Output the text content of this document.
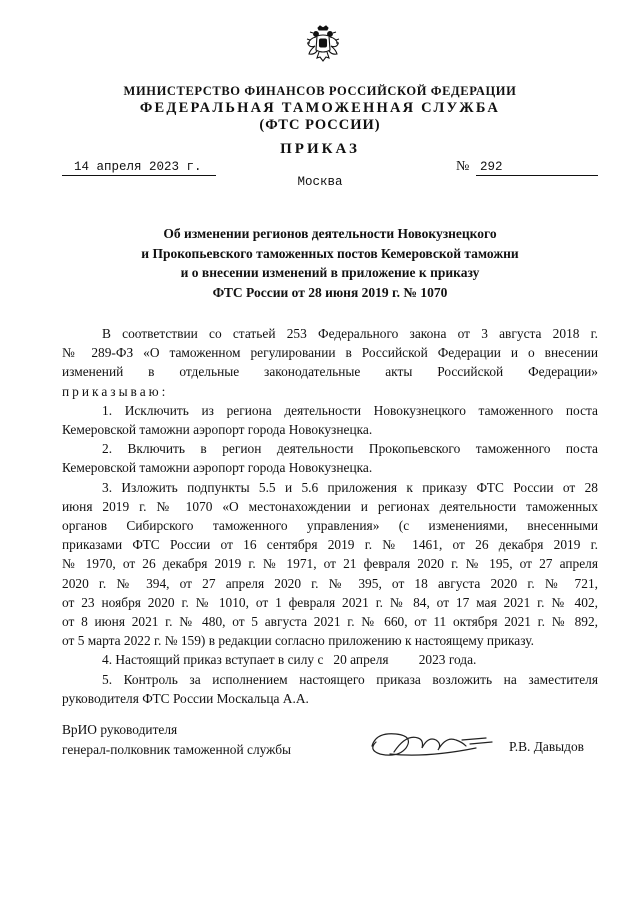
МИНИСТЕРСТВО ФИНАНСОВ РОССИЙСКОЙ ФЕДЕРАЦИИ
ФЕДЕРАЛЬНАЯ ТАМОЖЕННАЯ СЛУЖБА
(ФТС РОССИИ)
ПРИКАЗ
14 апреля 2023 г.	№ 292
Москва
Об изменении регионов деятельности Новокузнецкого
и Прокопьевского таможенных постов Кемеровской таможни
и о внесении изменений в приложение к приказу
ФТС России от 28 июня 2019 г. № 1070
В соответствии со статьей 253 Федерального закона от 3 августа 2018 г.
№ 289-ФЗ «О таможенном регулировании в Российской Федерации и о внесении
изменений в отдельные законодательные акты Российской Федерации»
приказываю:
1. Исключить из региона деятельности Новокузнецкого таможенного поста
Кемеровской таможни аэропорт города Новокузнецка.
2. Включить в регион деятельности Прокопьевского таможенного поста
Кемеровской таможни аэропорт города Новокузнецка.
3. Изложить подпункты 5.5 и 5.6 приложения к приказу ФТС России от 28
июня 2019 г. № 1070 «О местонахождении и регионах деятельности таможенных
органов Сибирского таможенного управления» (с изменениями, внесенными
приказами ФТС России от 16 сентября 2019 г. № 1461, от 26 декабря 2019 г.
№ 1970, от 26 декабря 2019 г. № 1971, от 21 февраля 2020 г. № 195, от 27 апреля
2020 г. № 394, от 27 апреля 2020 г. № 395, от 18 августа 2020 г. № 721,
от 23 ноября 2020 г. № 1010, от 1 февраля 2021 г. № 84, от 17 мая 2021 г. № 402,
от 8 июня 2021 г. № 480, от 5 августа 2021 г. № 660, от 11 октября 2021 г. № 892,
от 5 марта 2022 г. № 159) в редакции согласно приложению к настоящему приказу.
4. Настоящий приказ вступает в силу с   20 апреля         2023 года.
5. Контроль за исполнением настоящего приказа возложить на заместителя
руководителя ФТС России Москальца А.А.
ВрИО руководителя
генерал-полковник таможенной службы	Р.В. Давыдов
